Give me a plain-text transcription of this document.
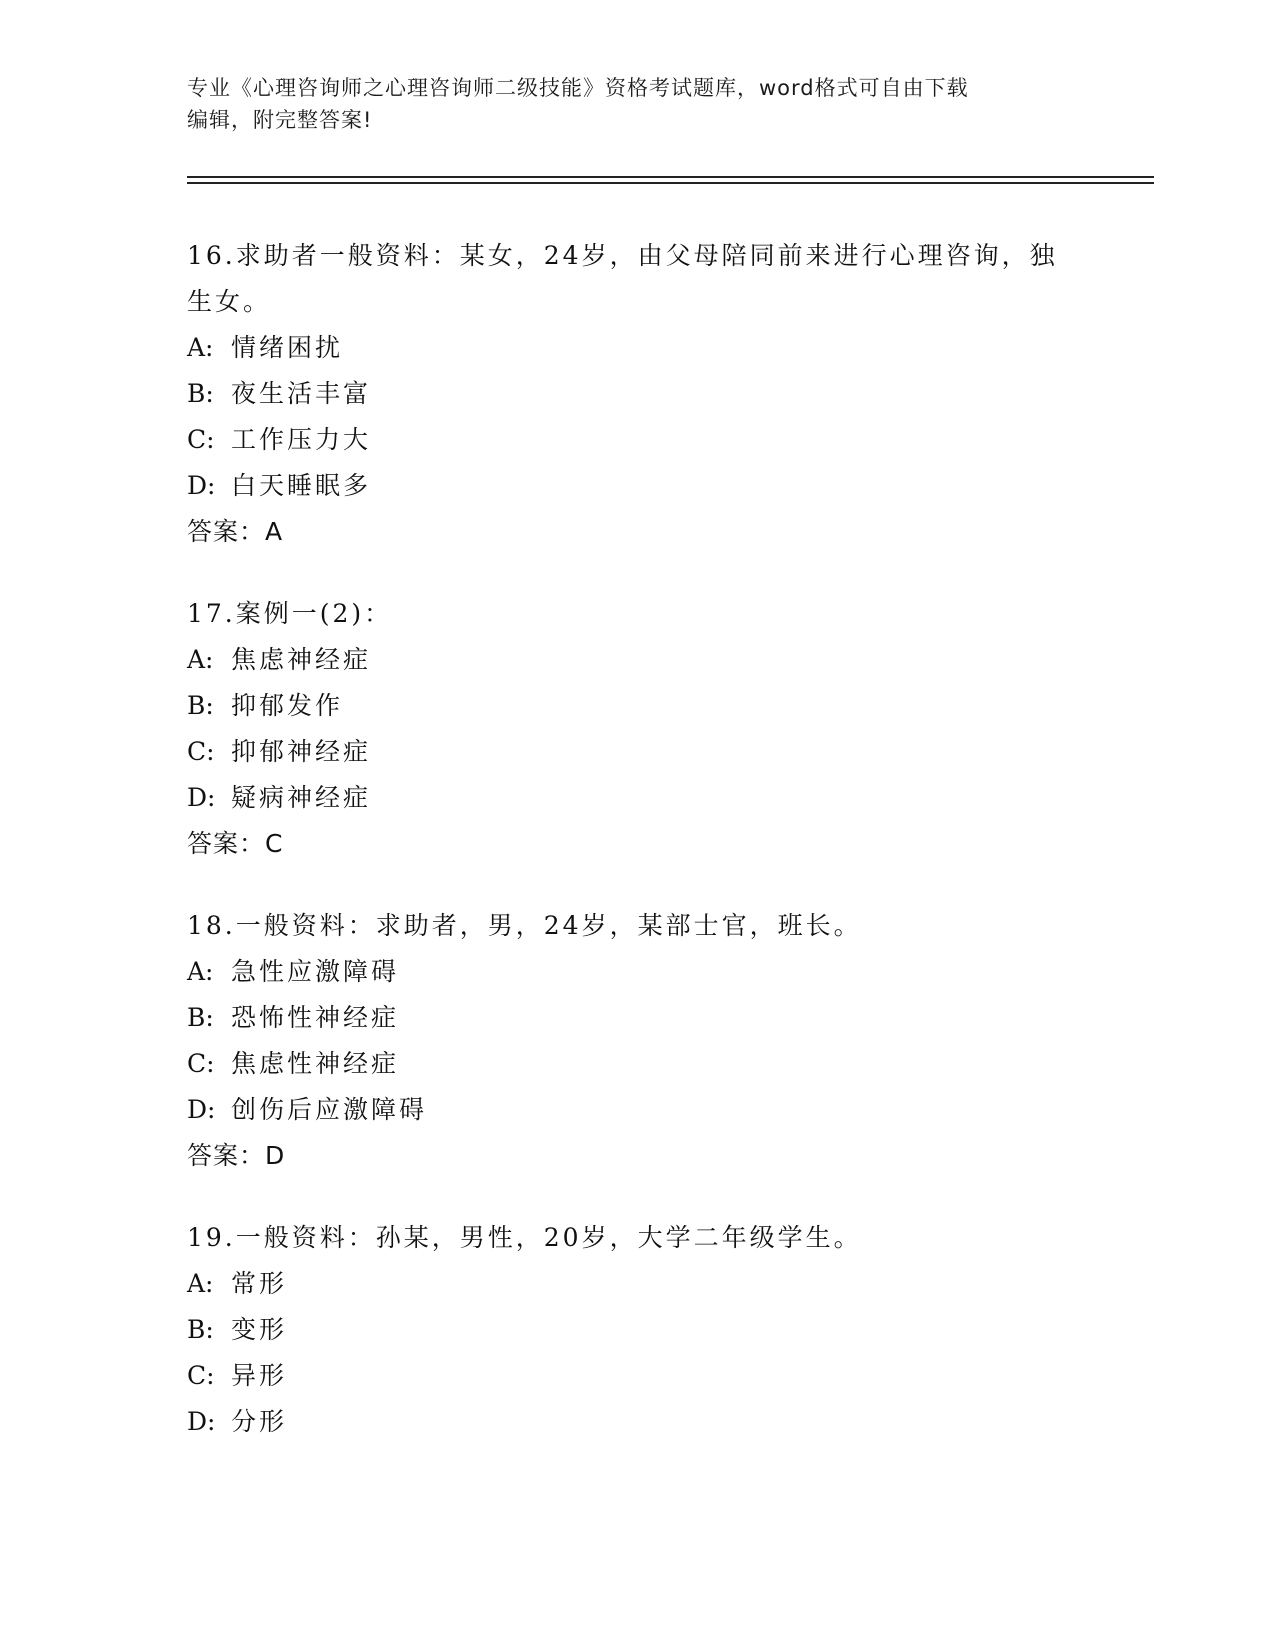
专业《心理咨询师之心理咨询师二级技能》资格考试题库，word格式可自由下载
编辑，附完整答案!

16.求助者一般资料：某女，24岁，由父母陪同前来进行心理咨询，独

生女。

A: 情绪困扰

B: 夜生活丰富

C: 工作压力大

D: 白天睡眠多

答案：A

17.案例一(2)：

A: 焦虑神经症

B: 抑郁发作

C: 抑郁神经症

D: 疑病神经症

答案：C

18.一般资料：求助者，男，24岁，某部士官，班长。

A: 急性应激障碍

B: 恐怖性神经症

C: 焦虑性神经症

D: 创伤后应激障碍

答案：D

19.一般资料：孙某，男性，20岁，大学二年级学生。

A: 常形

B: 变形

C: 异形

D: 分形
